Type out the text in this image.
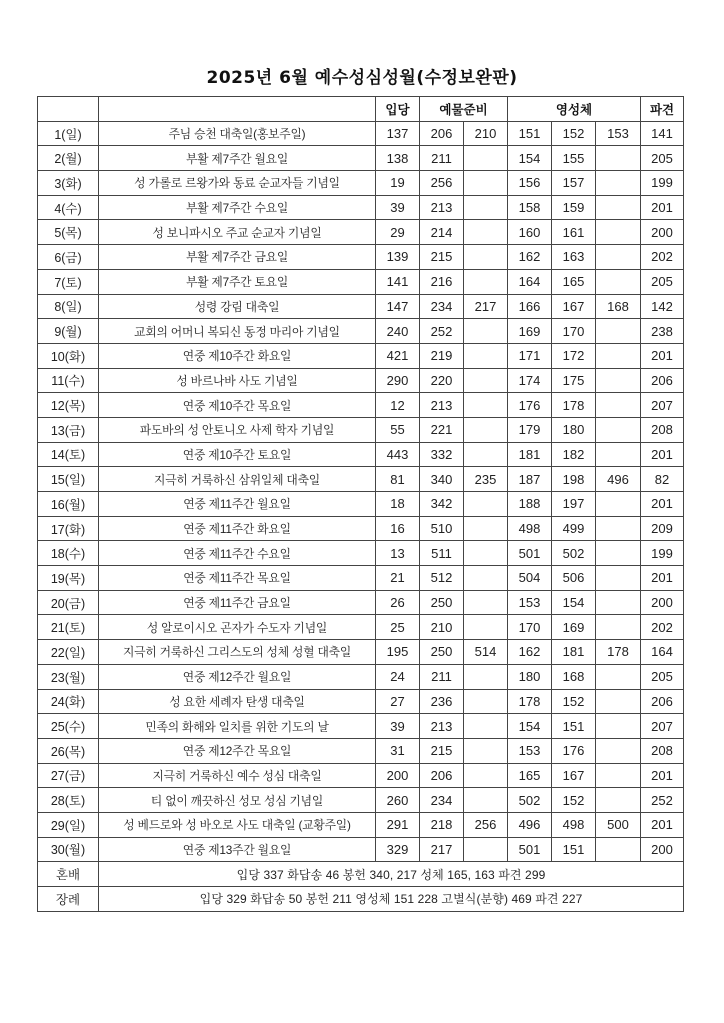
2025년 6월 예수성심성월(수정보완판)
		입당	예물준비		영성체			파견
1(일)	주님 승천 대축일(홍보주일)	137	206	210	151	152	153	141
2(월)	부활 제7주간 월요일	138	211		154	155		205
3(화)	성 가롤로 르왕가와 동료 순교자들 기념일	19	256		156	157		199
4(수)	부활 제7주간 수요일	39	213		158	159		201
5(목)	성 보니파시오 주교 순교자 기념일	29	214		160	161		200
6(금)	부활 제7주간 금요일	139	215		162	163		202
7(토)	부활 제7주간 토요일	141	216		164	165		205
8(일)	성령 강림 대축일	147	234	217	166	167	168	142
9(월)	교회의 어머니 복되신 동정 마리아 기념일	240	252		169	170		238
10(화)	연중 제10주간 화요일	421	219		171	172		201
11(수)	성 바르나바 사도 기념일	290	220		174	175		206
12(목)	연중 제10주간 목요일	12	213		176	178		207
13(금)	파도바의 성 안토니오 사제 학자 기념일	55	221		179	180		208
14(토)	연중 제10주간 토요일	443	332		181	182		201
15(일)	지극히 거룩하신 삼위일체 대축일	81	340	235	187	198	496	82
16(월)	연중 제11주간 월요일	18	342		188	197		201
17(화)	연중 제11주간 화요일	16	510		498	499		209
18(수)	연중 제11주간 수요일	13	511		501	502		199
19(목)	연중 제11주간 목요일	21	512		504	506		201
20(금)	연중 제11주간 금요일	26	250		153	154		200
21(토)	성 알로이시오 곤자가 수도자 기념일	25	210		170	169		202
22(일)	지극히 거룩하신 그리스도의 성체 성혈 대축일	195	250	514	162	181	178	164
23(월)	연중 제12주간 월요일	24	211		180	168		205
24(화)	성 요한 세례자 탄생 대축일	27	236		178	152		206
25(수)	민족의 화해와 일치를 위한 기도의 날	39	213		154	151		207
26(목)	연중 제12주간 목요일	31	215		153	176		208
27(금)	지극히 거룩하신 예수 성심 대축일	200	206		165	167		201
28(토)	티 없이 깨끗하신 성모 성심 기념일	260	234		502	152		252
29(일)	성 베드로와 성 바오로 사도 대축일 (교황주일)	291	218	256	496	498	500	201
30(월)	연중 제13주간 월요일	329	217		501	151		200
혼배	입당 337 화답송 46 봉헌 340, 217 성체 165, 163 파견 299							
장례	입당 329 화답송 50 봉헌 211 영성체 151 228 고별식(분향) 469 파견 227							
